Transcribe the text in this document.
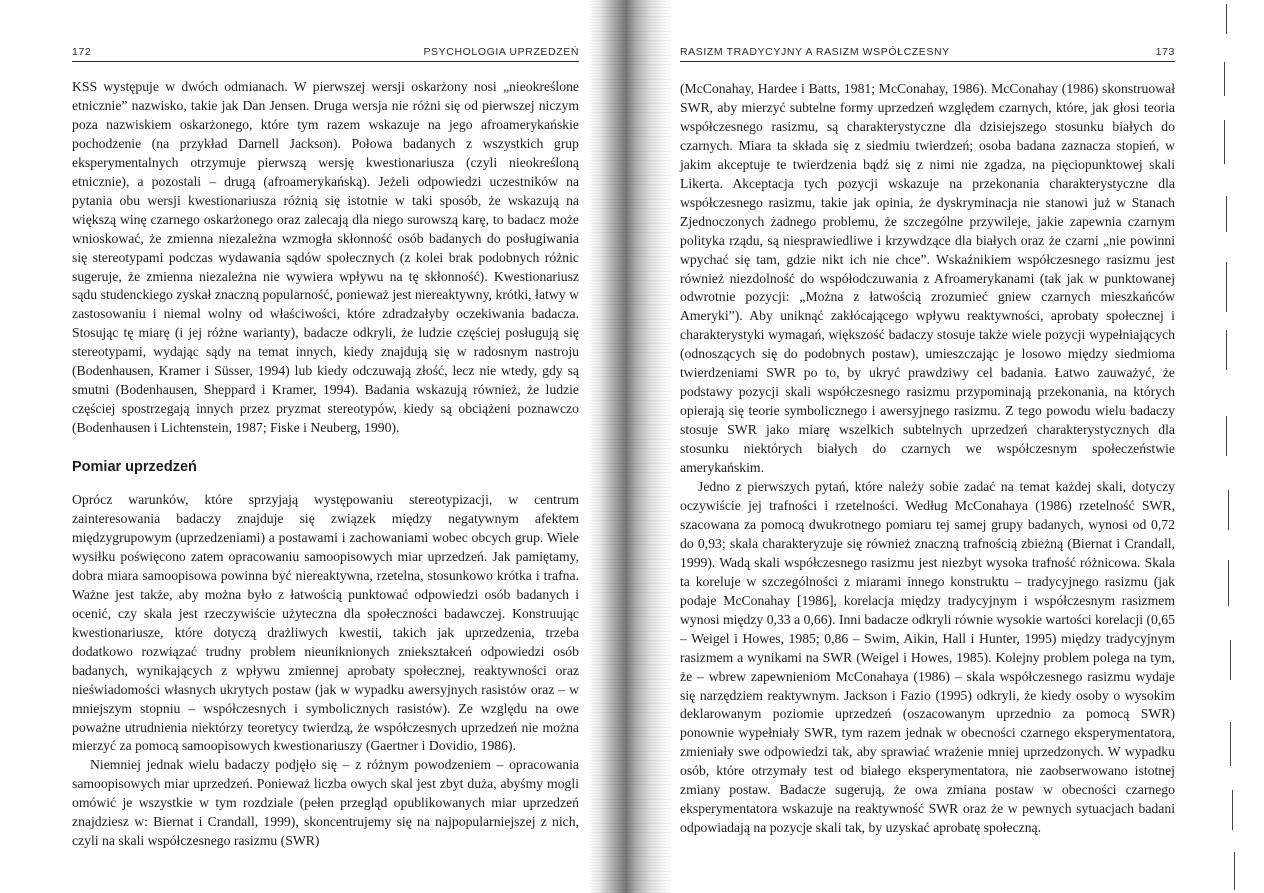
172	PSYCHOLOGIA UPRZEDZEŃ

KSS występuje w dwóch odmianach. W pierwszej wersji oskarżony nosi „nieokreślone etnicznie” nazwisko, takie jak Dan Jensen. Druga wersja nie różni się od pierwszej niczym poza nazwiskiem oskarżonego, które tym razem wskazuje na jego afroamerykańskie pochodzenie (na przykład Darnell Jackson). Połowa badanych z wszystkich grup eksperymentalnych otrzymuje pierwszą wersję kwestionariusza (czyli nieokreśloną etnicznie), a pozostali – drugą (afroamerykańską). Jeżeli odpowiedzi uczestników na pytania obu wersji kwestionariusza różnią się istotnie w taki sposób, że wskazują na większą winę czarnego oskarżonego oraz zalecają dla niego surowszą karę, to badacz może wnioskować, że zmienna niezależna wzmogła skłonność osób badanych do posługiwania się stereotypami podczas wydawania sądów społecznych (z kolei brak podobnych różnic sugeruje, że zmienna niezależna nie wywiera wpływu na tę skłonność). Kwestionariusz sądu studenckiego zyskał znaczną popularność, ponieważ jest niereaktywny, krótki, łatwy w zastosowaniu i niemal wolny od właściwości, które zdradzałyby oczekiwania badacza. Stosując tę miarę (i jej różne warianty), badacze odkryli, że ludzie częściej posługują się stereotypami, wydając sądy na temat innych, kiedy znajdują się w radosnym nastroju (Bodenhausen, Kramer i Süsser, 1994) lub kiedy odczuwają złość, lecz nie wtedy, gdy są smutni (Bodenhausen, Sheppard i Kramer, 1994). Badania wskazują również, że ludzie częściej spostrzegają innych przez pryzmat stereotypów, kiedy są obciążeni poznawczo (Bodenhausen i Lichtenstein, 1987; Fiske i Neuberg, 1990).

Pomiar uprzedzeń

Oprócz warunków, które sprzyjają występowaniu stereotypizacji, w centrum zainteresowania badaczy znajduje się związek między negatywnym afektem międzygrupowym (uprzedzeniami) a postawami i zachowaniami wobec obcych grup. Wiele wysiłku poświęcono zatem opracowaniu samoopisowych miar uprzedzeń. Jak pamiętamy, dobra miara samoopisowa powinna być niereaktywna, rzetelna, stosunkowo krótka i trafna. Ważne jest także, aby można było z łatwością punktować odpowiedzi osób badanych i ocenić, czy skala jest rzeczywiście użyteczna dla społeczności badawczej. Konstruując kwestionariusze, które dotyczą drażliwych kwestii, takich jak uprzedzenia, trzeba dodatkowo rozwiązać trudny problem nieuniknionych zniekształceń odpowiedzi osób badanych, wynikających z wpływu zmiennej aprobaty społecznej, reaktywności oraz nieświadomości własnych ukrytych postaw (jak w wypadku awersyjnych rasistów oraz – w mniejszym stopniu – współczesnych i symbolicznych rasistów). Ze względu na owe poważne utrudnienia niektórzy teoretycy twierdzą, że współczesnych uprzedzeń nie można mierzyć za pomocą samoopisowych kwestionariuszy (Gaertner i Dovidio, 1986).

Niemniej jednak wielu badaczy podjęło się – z różnym powodzeniem – opracowania samoopisowych miar uprzedzeń. Ponieważ liczba owych skal jest zbyt duża, abyśmy mogli omówić je wszystkie w tym rozdziale (pełen przegląd opublikowanych miar uprzedzeń znajdziesz w: Biernat i Crandall, 1999), skoncentrujemy się na najpopularniejszej z nich, czyli na skali współczesnego rasizmu (SWR)

RASIZM TRADYCYJNY A RASIZM WSPÓŁCZESNY	173

(McConahay, Hardee i Batts, 1981; McConahay, 1986). McConahay (1986) skonstruował SWR, aby mierzyć subtelne formy uprzedzeń względem czarnych, które, jak głosi teoria współczesnego rasizmu, są charakterystyczne dla dzisiejszego stosunku białych do czarnych. Miara ta składa się z siedmiu twierdzeń; osoba badana zaznacza stopień, w jakim akceptuje te twierdzenia bądź się z nimi nie zgadza, na pięciopunktowej skali Likerta. Akceptacja tych pozycji wskazuje na przekonania charakterystyczne dla współczesnego rasizmu, takie jak opinia, że dyskryminacja nie stanowi już w Stanach Zjednoczonych żadnego problemu, że szczególne przywileje, jakie zapewnia czarnym polityka rządu, są niesprawiedliwe i krzywdzące dla białych oraz że czarni „nie powinni wpychać się tam, gdzie nikt ich nie chce”. Wskaźnikiem współczesnego rasizmu jest również niezdolność do współodczuwania z Afroamerykanami (tak jak w punktowanej odwrotnie pozycji: „Można z łatwością zrozumieć gniew czarnych mieszkańców Ameryki”). Aby uniknąć zakłócającego wpływu reaktywności, aprobaty społecznej i charakterystyki wymagań, większość badaczy stosuje także wiele pozycji wypełniających (odnoszących się do podobnych postaw), umieszczając je losowo między siedmioma twierdzeniami SWR po to, by ukryć prawdziwy cel badania. Łatwo zauważyć, że podstawy pozycji skali współczesnego rasizmu przypominają przekonania, na których opierają się teorie symbolicznego i awersyjnego rasizmu. Z tego powodu wielu badaczy stosuje SWR jako miarę wszelkich subtelnych uprzedzeń charakterystycznych dla stosunku niektórych białych do czarnych we współczesnym społeczeństwie amerykańskim.

Jedno z pierwszych pytań, które należy sobie zadać na temat każdej skali, dotyczy oczywiście jej trafności i rzetelności. Według McConahaya (1986) rzetelność SWR, szacowana za pomocą dwukrotnego pomiaru tej samej grupy badanych, wynosi od 0,72 do 0,93; skala charakteryzuje się również znaczną trafnością zbieżną (Biernat i Crandall, 1999). Wadą skali współczesnego rasizmu jest niezbyt wysoka trafność różnicowa. Skala ta koreluje w szczególności z miarami innego konstruktu – tradycyjnego rasizmu (jak podaje McConahay [1986], korelacja między tradycyjnym i współczesnym rasizmem wynosi między 0,33 a 0,66). Inni badacze odkryli równie wysokie wartości korelacji (0,65 – Weigel i Howes, 1985; 0,86 – Swim, Aikin, Hall i Hunter, 1995) między tradycyjnym rasizmem a wynikami na SWR (Weigel i Howes, 1985). Kolejny problem polega na tym, że – wbrew zapewnieniom McConahaya (1986) – skala współczesnego rasizmu wydaje się narzędziem reaktywnym. Jackson i Fazio (1995) odkryli, że kiedy osoby o wysokim deklarowanym poziomie uprzedzeń (oszacowanym uprzednio za pomocą SWR) ponownie wypełniały SWR, tym razem jednak w obecności czarnego eksperymentatora, zmieniały swe odpowiedzi tak, aby sprawiać wrażenie mniej uprzedzonych. W wypadku osób, które otrzymały test od białego eksperymentatora, nie zaobserwowano istotnej zmiany postaw. Badacze sugerują, że owa zmiana postaw w obecności czarnego eksperymentatora wskazuje na reaktywność SWR oraz że w pewnych sytuacjach badani odpowiadają na pozycje skali tak, by uzyskać aprobatę społeczną.
